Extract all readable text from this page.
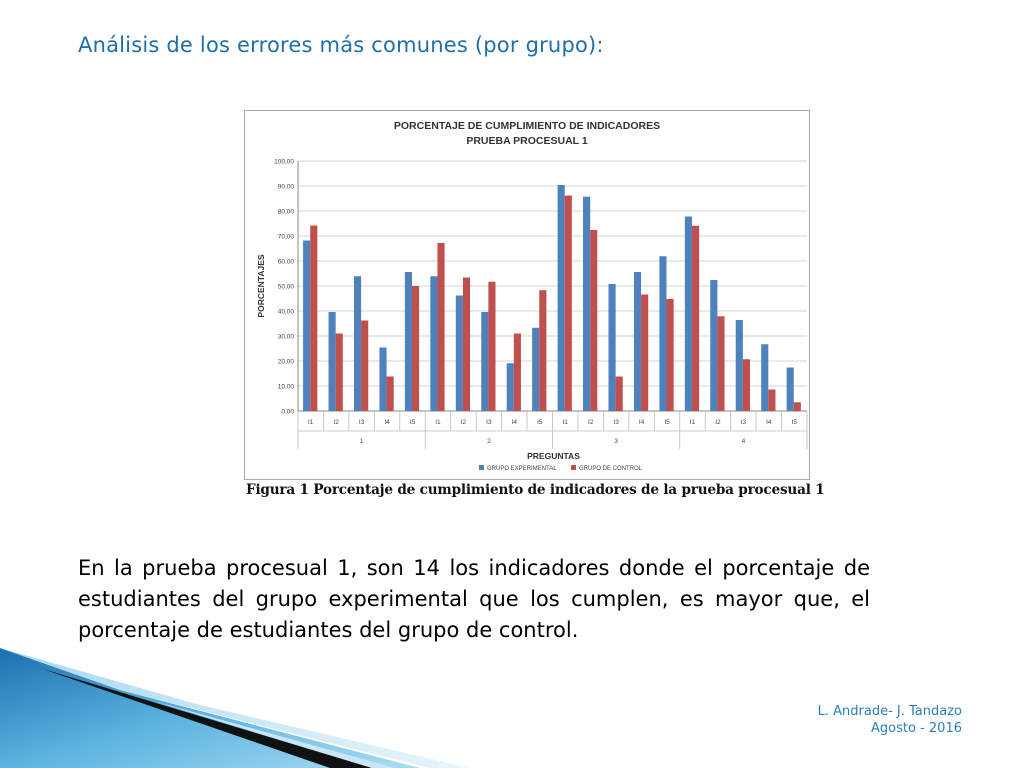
Análisis de los errores más comunes (por grupo):
PORCENTAJE DE CUMPLIMIENTO DE INDICADORES
PRUEBA PROCESUAL 1
0,00
10,00
20,00
30,00
40,00
50,00
60,00
70,00
80,00
90,00
100,00
PORCENTAJES
I1	I2	I3	I4	I5	I1	I2	I3	I4	I5	I1	I2	I3	I4	I5	I1	I2	I3	I4	I5
1	2	3	4
PREGUNTAS
GRUPO EXPERIMENTAL	GRUPO DE CONTROL
Figura 1 Porcentaje de cumplimiento de indicadores de la prueba procesual 1
En la prueba procesual 1, son 14 los indicadores donde el porcentaje de estudiantes del grupo experimental que los cumplen, es mayor que, el porcentaje de estudiantes del grupo de control.
L. Andrade- J. Tandazo
Agosto - 2016
